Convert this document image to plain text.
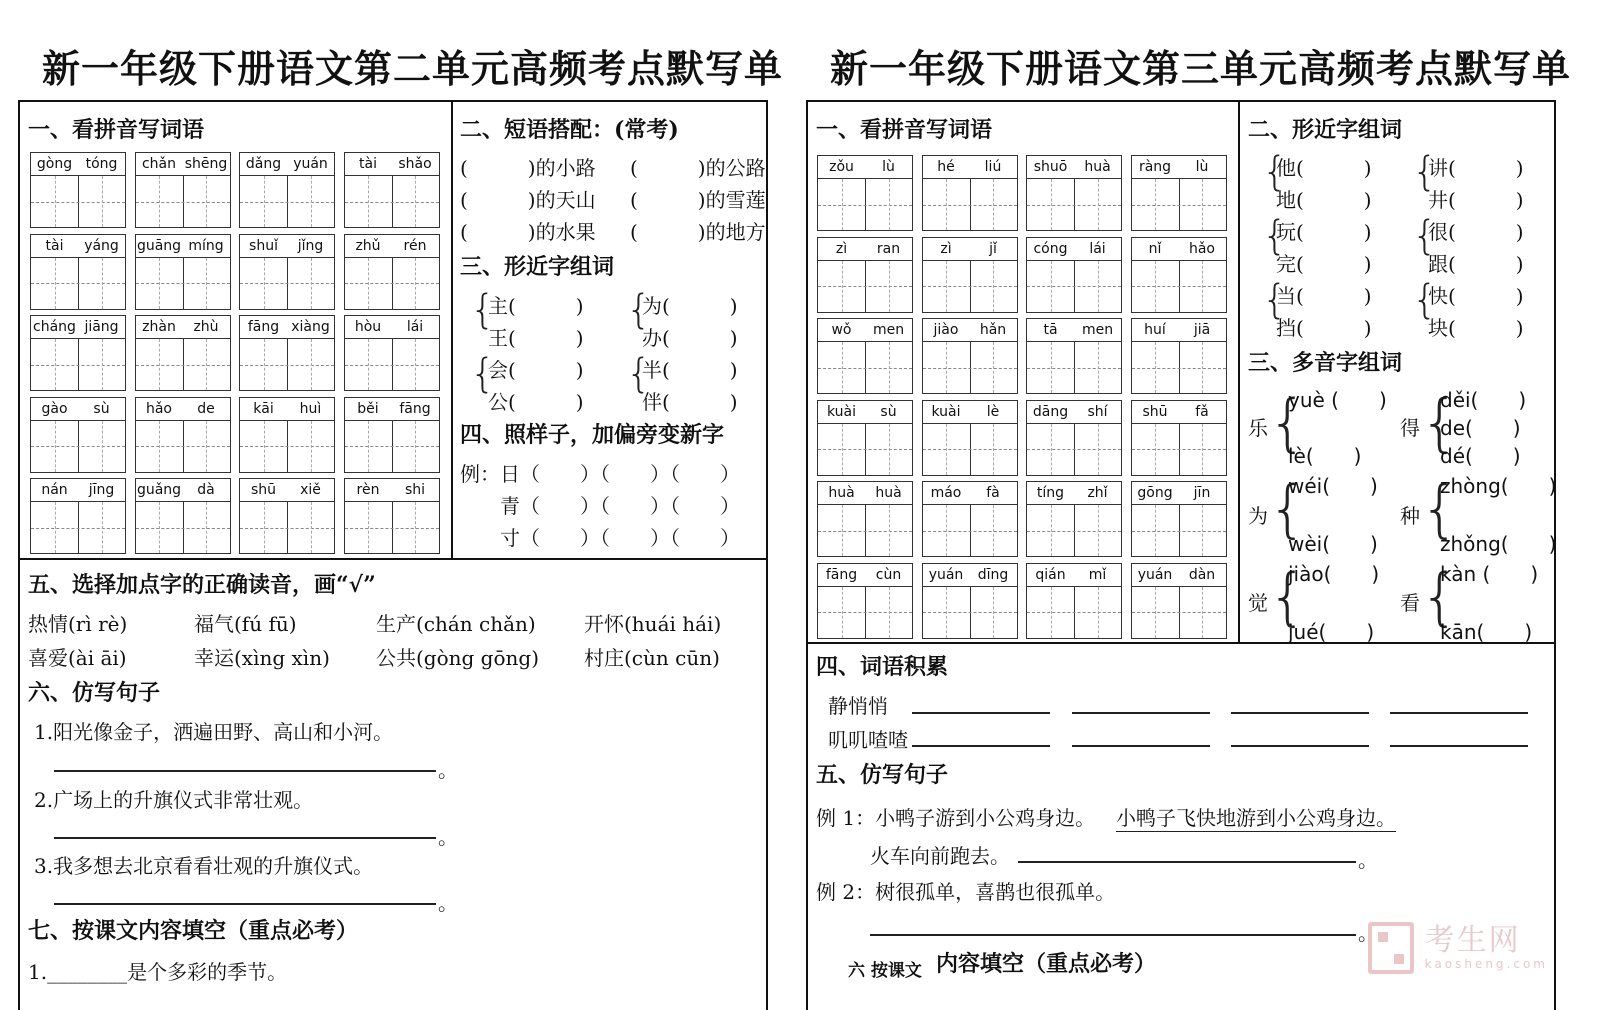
新一年级下册语文第二单元高频考点默写单
一、看拼音写词语
gòng tóng	chǎn shēng	dǎng yuán	tài	shǎo
tài	yáng	guāng míng	shuǐ	jǐng	zhǔ	rén
cháng jiāng	zhàn	zhù	fāng xiàng	hòu	lái
gào	sù	hǎo	de	kāi	huì	běi	fāng
nán	jīng	guǎng	dà	shū	xiě	rèn	shi
二、短语搭配：(常考)
(　　　)的小路 (　　　)的公路
(　　　)的天山 (　　　)的雪莲
(　　　)的水果 (　　　)的地方
三、形近字组词
{
主(　　　)
王(　　　)
{
为(　　　)
办(　　　)
{
会(　　　)
公(　　　)
{
半(　　　)
伴(　　　)
四、照样子，加偏旁变新字
例：日（　　）（　　）（　　）
青（　　）（　　）（　　）
寸（　　）（　　）（　　）
五、选择加点字的正确读音，画“√”
热情(rì rè)	福气(fú fū)	生产(chán chǎn) 开怀(huái hái)
喜爱(ài āi)	幸运(xìng xìn) 公共(gòng gōng) 村庄(cùn cūn)
六、仿写句子
1.阳光像金子，洒遍田野、高山和小河。
。
2.广场上的升旗仪式非常壮观。
。
3.我多想去北京看看壮观的升旗仪式。
。
七、按课文内容填空（重点必考）
1.________是个多彩的季节。
新一年级下册语文第三单元高频考点默写单
一、看拼音写词语
zǒu	lù	hé	liú	shuō	huà	ràng	lù
zì	ran	zì	jǐ	cóng	lái	nǐ	hǎo
wǒ	men	jiào	hǎn	tā	men	huí	jiā
kuài	sù	kuài	lè	dāng	shí	shū	fǎ
huà	huà	máo	fà	tíng	zhǐ	gōng	jīn
fāng	cùn	yuán	dīng	qián	mǐ	yuán	dàn
二、形近字组词
{
他(　　　)
地(　　　)
{
讲(　　　)
井(　　　)
{
玩(　　　)
完(　　　)
{
很(　　　)
跟(　　　)
{
当(　　　)
挡(　　　)
{
快(　　　)
块(　　　)
三、多音字组词
乐 {
yuè (　　)
lè(　　)
得 {
děi(　　)
de(　　)
dé(　　)
为 {
wéi(　　)
wèi(　　)
种 {
zhòng(　　)
zhǒng(　　)
觉 {
jiào(　　)
jué(　　)
看 {
kàn (　　)
kān(　　)
四、词语积累
静悄悄
叽叽喳喳
五、仿写句子
例 1：小鸭子游到小公鸡身边。 小鸭子飞快地游到小公鸡身边。
火车向前跑去。	。
例 2：树很孤单，喜鹊也很孤单。
。
六 按课文 内容填空（重点必考）

考生网
kaosheng.com
